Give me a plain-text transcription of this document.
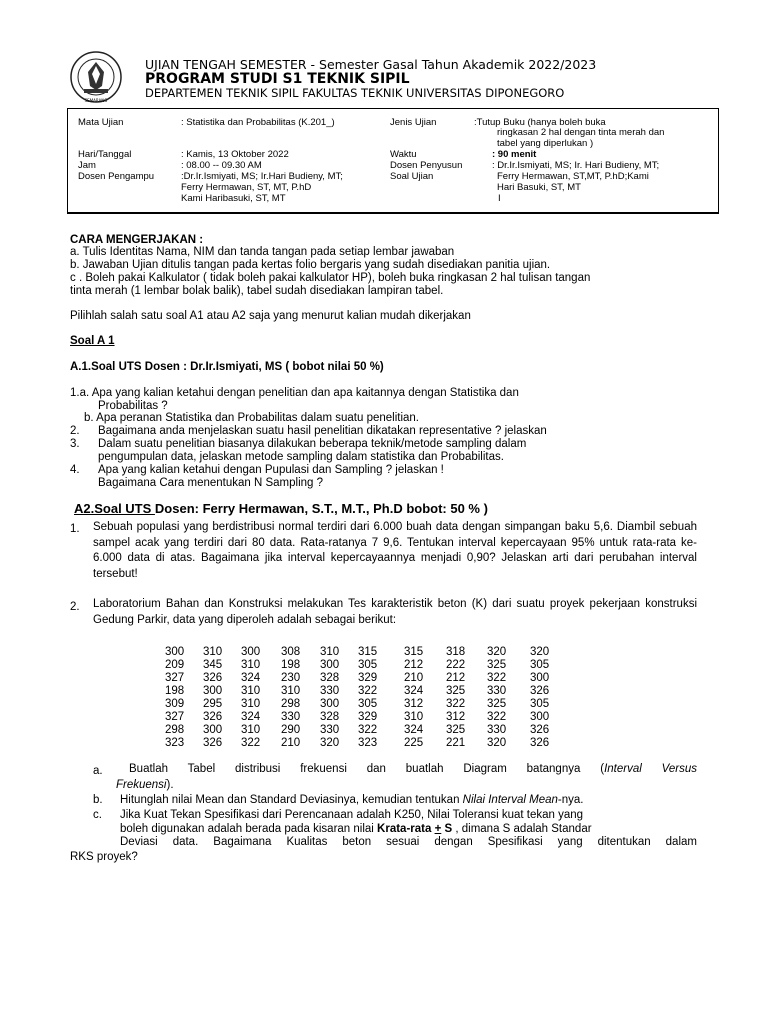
SEMARANG
UJIAN TENGAH SEMESTER - Semester Gasal Tahun Akademik 2022/2023
PROGRAM STUDI S1 TEKNIK SIPIL
DEPARTEMEN TEKNIK SIPIL FAKULTAS TEKNIK UNIVERSITAS DIPONEGORO
Mata Ujian	: Statistika dan Probabilitas (K.201_)
Hari/Tanggal	: Kamis, 13 Oktober 2022
Jam	: 08.00 -- 09.30 AM
Dosen Pengampu	:Dr.Ir.Ismiyati, MS; Ir.Hari Budieny, MT;
Ferry Hermawan, ST, MT, P.hD
Kami Haribasuki, ST, MT
Jenis Ujian	:Tutup Buku (hanya boleh buka
ringkasan 2 hal dengan tinta merah dan
tabel yang diperlukan )
Waktu	: 90 menit
Dosen Penyusun	: Dr.Ir.Ismiyati, MS; Ir. Hari Budieny, MT;
Soal Ujian	Ferry Hermawan, ST,MT, P.hD;Kami
Hari Basuki, ST, MT
I
CARA MENGERJAKAN :
a. Tulis Identitas Nama, NIM dan tanda tangan pada setiap lembar jawaban
b. Jawaban Ujian ditulis tangan pada kertas folio bergaris yang sudah disediakan panitia ujian.
c . Boleh pakai Kalkulator ( tidak boleh pakai kalkulator HP), boleh buka ringkasan 2 hal tulisan tangan
tinta merah (1 lembar bolak balik), tabel sudah disediakan lampiran tabel.
Pilihlah salah satu soal A1 atau A2 saja yang menurut kalian mudah dikerjakan
Soal A 1
A.1.Soal UTS Dosen : Dr.Ir.Ismiyati, MS ( bobot nilai 50 %)
1.a. Apa yang kalian ketahui dengan penelitian dan apa kaitannya dengan Statistika dan
Probabilitas ?
b. Apa peranan Statistika dan Probabilitas dalam suatu penelitian.
2. Bagaimana anda menjelaskan suatu hasil penelitian dikatakan representative ? jelaskan
3. Dalam suatu penelitian biasanya dilakukan beberapa teknik/metode sampling dalam
pengumpulan data, jelaskan metode sampling dalam statistika dan Probabilitas.
4. Apa yang kalian ketahui dengan Pupulasi dan Sampling ? jelaskan !
Bagaimana Cara menentukan N Sampling ?
A2.Soal UTS Dosen: Ferry Hermawan, S.T., M.T., Ph.D bobot: 50 % )
1. Sebuah populasi yang berdistribusi normal terdiri dari 6.000 buah data dengan simpangan baku 5,6. Diambil sebuah sampel acak yang terdiri dari 80 data. Rata-ratanya 7 9,6. Tentukan interval kepercayaan 95% untuk rata-rata ke-6.000 data di atas. Bagaimana jika interval kepercayaannya menjadi 0,90? Jelaskan arti dari perubahan interval tersebut!
2. Laboratorium Bahan dan Konstruksi melakukan Tes karakteristik beton (K) dari suatu proyek pekerjaan konstruksi Gedung Parkir, data yang diperoleh adalah sebagai berikut:
300	310	300	308	310	315	315	318	320	320
209	345	310	198	300	305	212	222	325	305
327	326	324	230	328	329	210	212	322	300
198	300	310	310	330	322	324	325	330	326
309	295	310	298	300	305	312	322	325	305
327	326	324	330	328	329	310	312	322	300
298	300	310	290	330	322	324	325	330	326
323	326	322	210	320	323	225	221	320	326
a. Buatlah Tabel distribusi frekuensi dan buatlah Diagram batangnya (Interval Versus
Frekuensi).
b. Hitunglah nilai Mean dan Standard Deviasinya, kemudian tentukan Nilai Interval Mean-nya.
c. Jika Kuat Tekan Spesifikasi dari Perencanaan adalah K250, Nilai Toleransi kuat tekan yang
boleh digunakan adalah berada pada kisaran nilai Krata-rata + S , dimana S adalah Standar
Deviasi data. Bagaimana Kualitas beton sesuai dengan Spesifikasi yang ditentukan dalam
RKS proyek?
